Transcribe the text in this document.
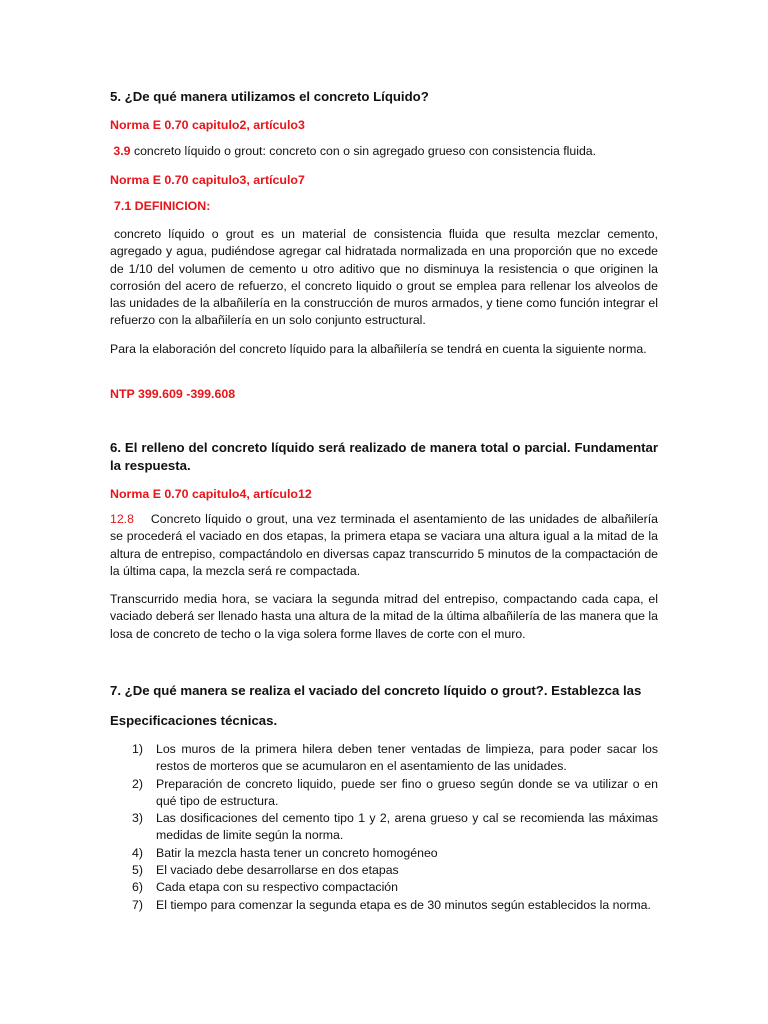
5. ¿De qué manera utilizamos el concreto Líquido?

Norma E 0.70 capitulo2, artículo3

3.9 concreto líquido o grout: concreto con o sin agregado grueso con consistencia fluida.

Norma E 0.70 capitulo3, artículo7

7.1 DEFINICION:

concreto líquido o grout es un material de consistencia fluida que resulta mezclar cemento, agregado y agua, pudiéndose agregar cal hidratada normalizada en una proporción que no excede de 1/10 del volumen de cemento u otro aditivo que no disminuya la resistencia o que originen la corrosión del acero de refuerzo, el concreto liquido o grout se emplea para rellenar los alveolos de las unidades de la albañilería en la construcción de muros armados, y tiene como función integrar el refuerzo con la albañilería en un solo conjunto estructural.

Para la elaboración del concreto líquido para la albañilería se tendrá en cuenta la siguiente norma.

NTP 399.609 -399.608

6. El relleno del concreto líquido será realizado de manera total o parcial. Fundamentar la respuesta.

Norma E 0.70 capitulo4, artículo12

12.8 Concreto líquido o grout, una vez terminada el asentamiento de las unidades de albañilería se procederá el vaciado en dos etapas, la primera etapa se vaciara una altura igual a la mitad de la altura de entrepiso, compactándolo en diversas capaz transcurrido 5 minutos de la compactación de la última capa, la mezcla será re compactada.

Transcurrido media hora, se vaciara la segunda mitrad del entrepiso, compactando cada capa, el vaciado deberá ser llenado hasta una altura de la mitad de la última albañilería de las manera que la losa de concreto de techo o la viga solera forme llaves de corte con el muro.

7. ¿De qué manera se realiza el vaciado del concreto líquido o grout?. Establezca las

Especificaciones técnicas.

1) Los muros de la primera hilera deben tener ventadas de limpieza, para poder sacar los restos de morteros que se acumularon en el asentamiento de las unidades.
2) Preparación de concreto liquido, puede ser fino o grueso según donde se va utilizar o en qué tipo de estructura.
3) Las dosificaciones del cemento tipo 1 y 2, arena grueso y cal se recomienda las máximas medidas de limite según la norma.
4) Batir la mezcla hasta tener un concreto homogéneo
5) El vaciado debe desarrollarse en dos etapas
6) Cada etapa con su respectivo compactación
7) El tiempo para comenzar la segunda etapa es de 30 minutos según establecidos la norma.
